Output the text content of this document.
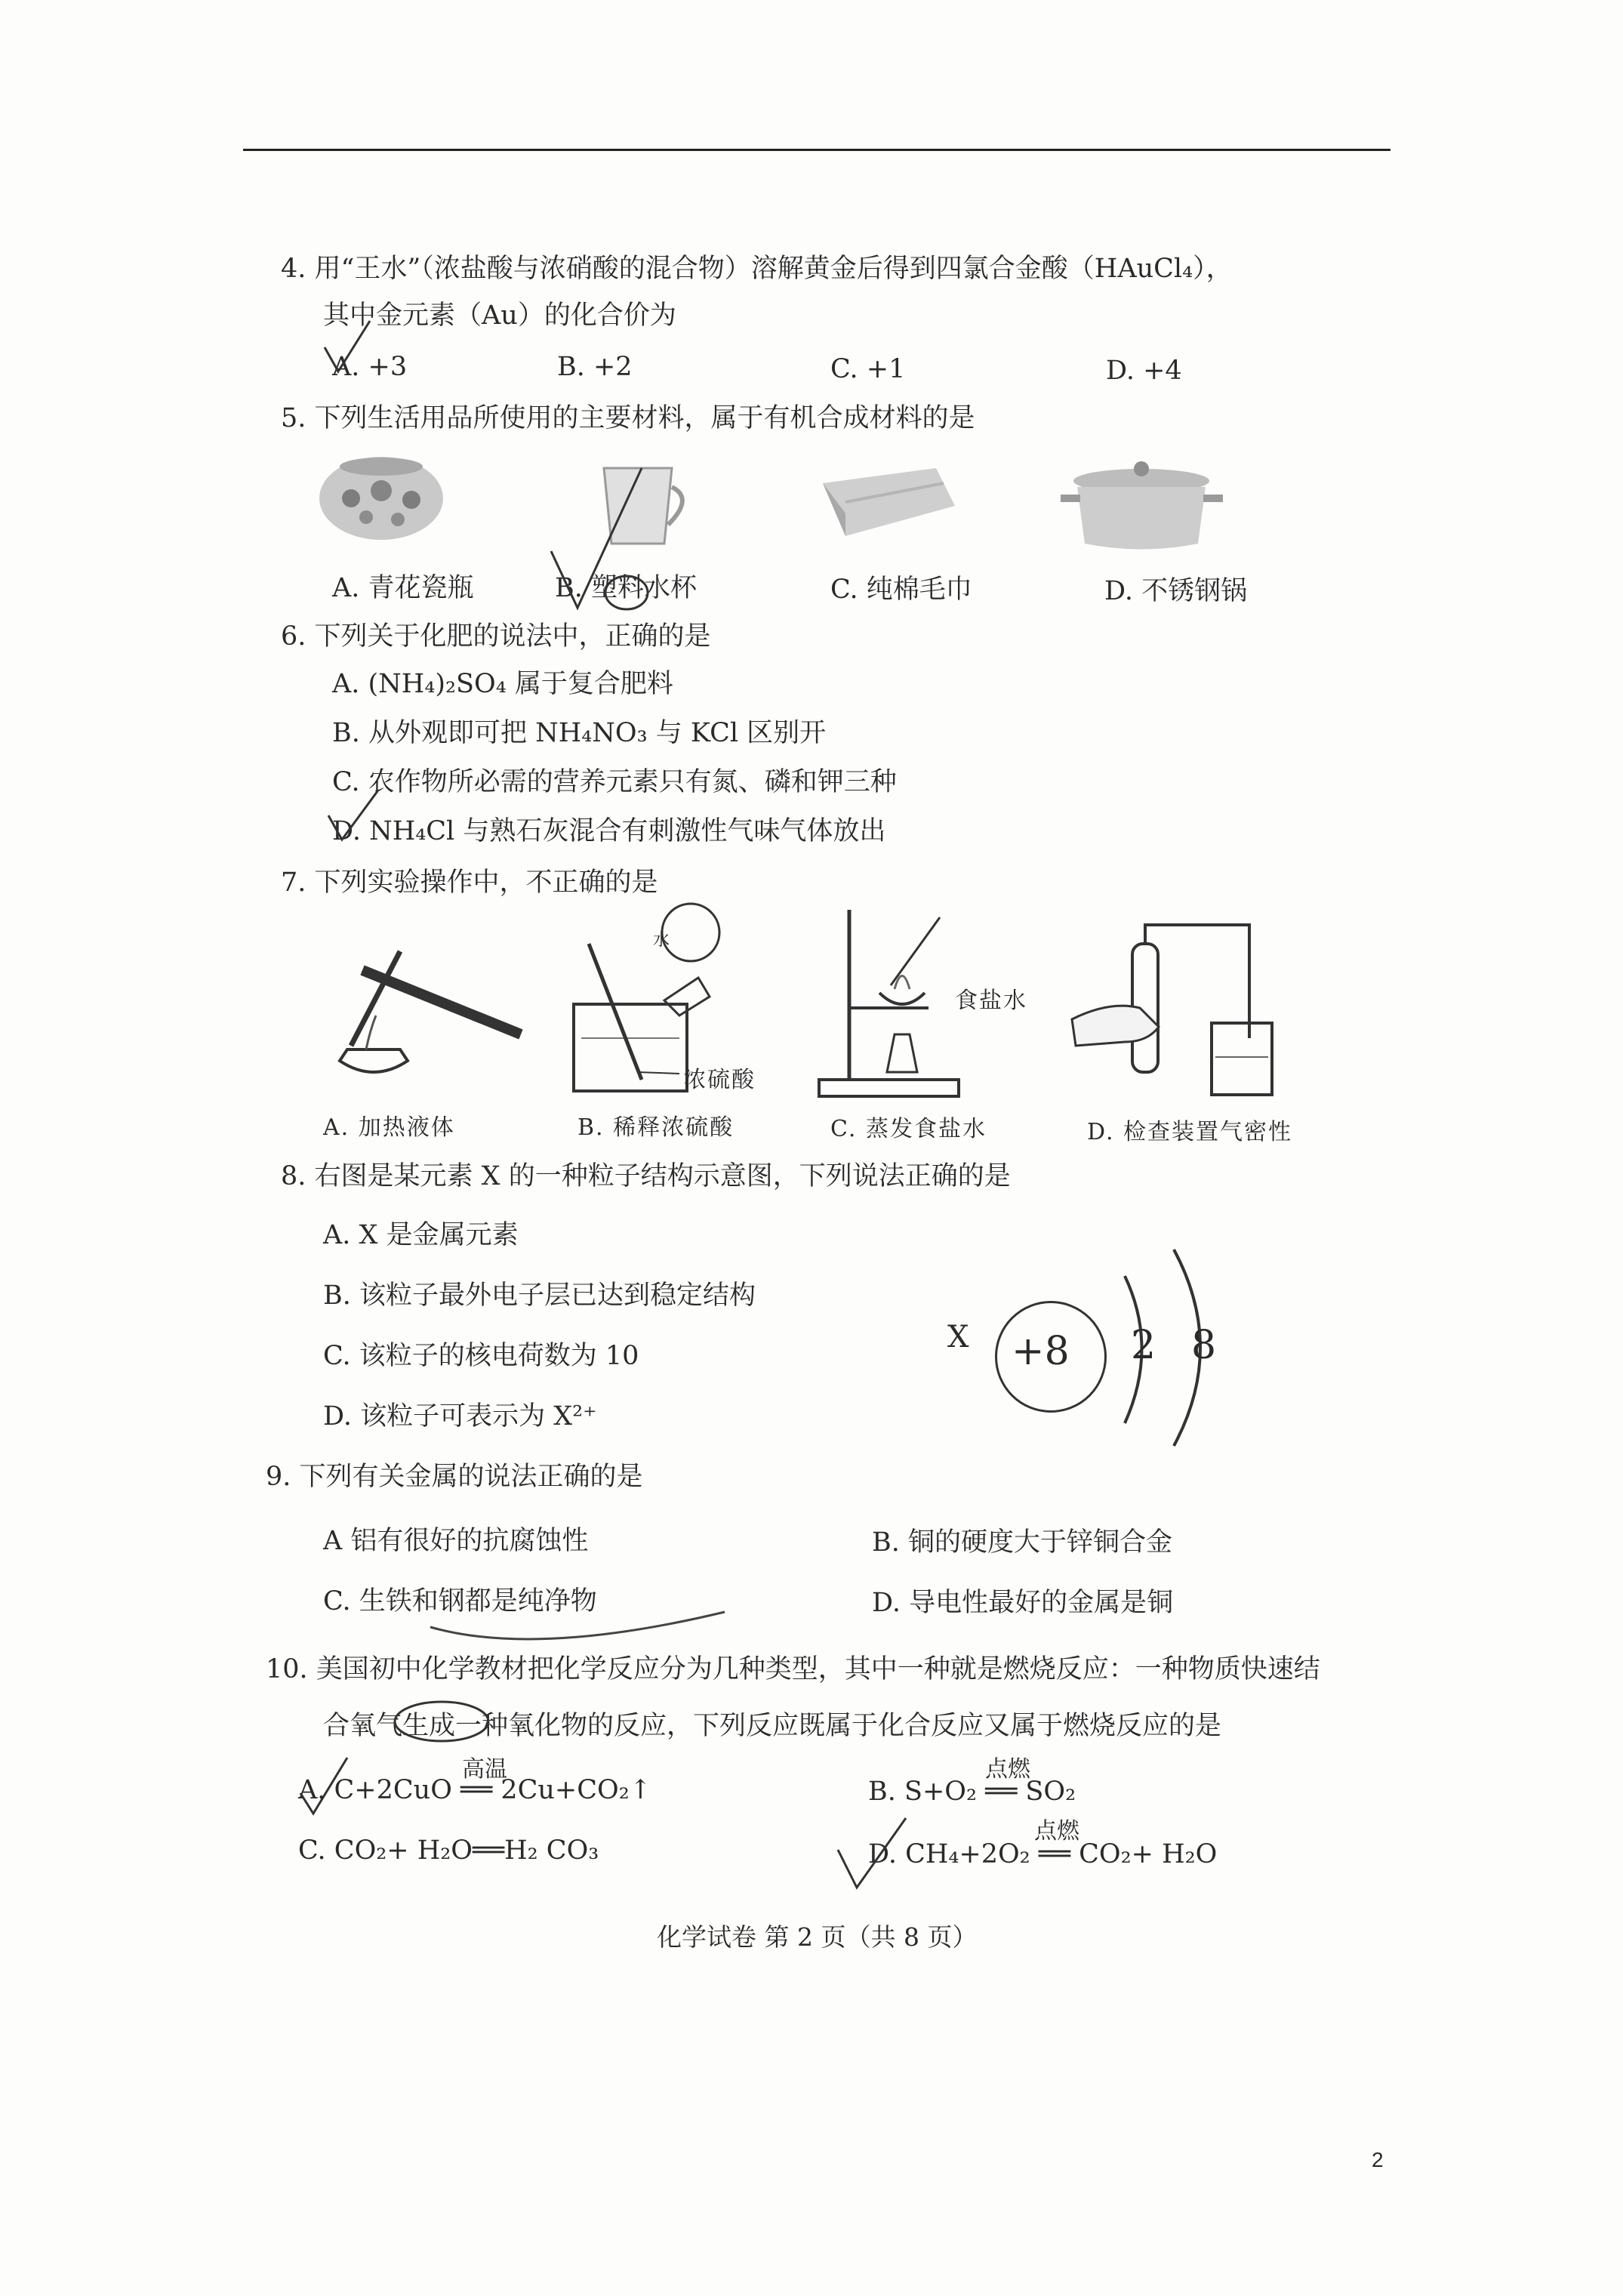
4. 用“王水”（浓盐酸与浓硝酸的混合物）溶解黄金后得到四氯合金酸（HAuCl₄），
其中金元素（Au）的化合价为
A. +3	B. +2	C. +1	D. +4
5. 下列生活用品所使用的主要材料，属于有机合成材料的是
A. 青花瓷瓶	B. 塑料水杯	C. 纯棉毛巾	D. 不锈钢锅
6. 下列关于化肥的说法中，正确的是
A. (NH₄)₂SO₄ 属于复合肥料
B. 从外观即可把 NH₄NO₃ 与 KCl 区别开
C. 农作物所必需的营养元素只有氮、磷和钾三种
D. NH₄Cl 与熟石灰混合有刺激性气味气体放出
7. 下列实验操作中，不正确的是
水
浓硫酸
食盐水
A. 加热液体	B. 稀释浓硫酸	C. 蒸发食盐水	D. 检查装置气密性
8. 右图是某元素 X 的一种粒子结构示意图，下列说法正确的是
A. X 是金属元素
B. 该粒子最外电子层已达到稳定结构
C. 该粒子的核电荷数为 10
D. 该粒子可表示为 X²⁺
X +8 2 8
9. 下列有关金属的说法正确的是
A 铝有很好的抗腐蚀性	B. 铜的硬度大于锌铜合金
C. 生铁和钢都是纯净物	D. 导电性最好的金属是铜
10. 美国初中化学教材把化学反应分为几种类型，其中一种就是燃烧反应：一种物质快速结
合氧气生成一种氧化物的反应，下列反应既属于化合反应又属于燃烧反应的是
高温
A. C+2CuO ══ 2Cu+CO₂↑
点燃
B. S+O₂ ══ SO₂
C. CO₂+ H₂O══H₂ CO₃
点燃
D. CH₄+2O₂ ══ CO₂+ H₂O
化学试卷 第 2 页（共 8 页）
2
